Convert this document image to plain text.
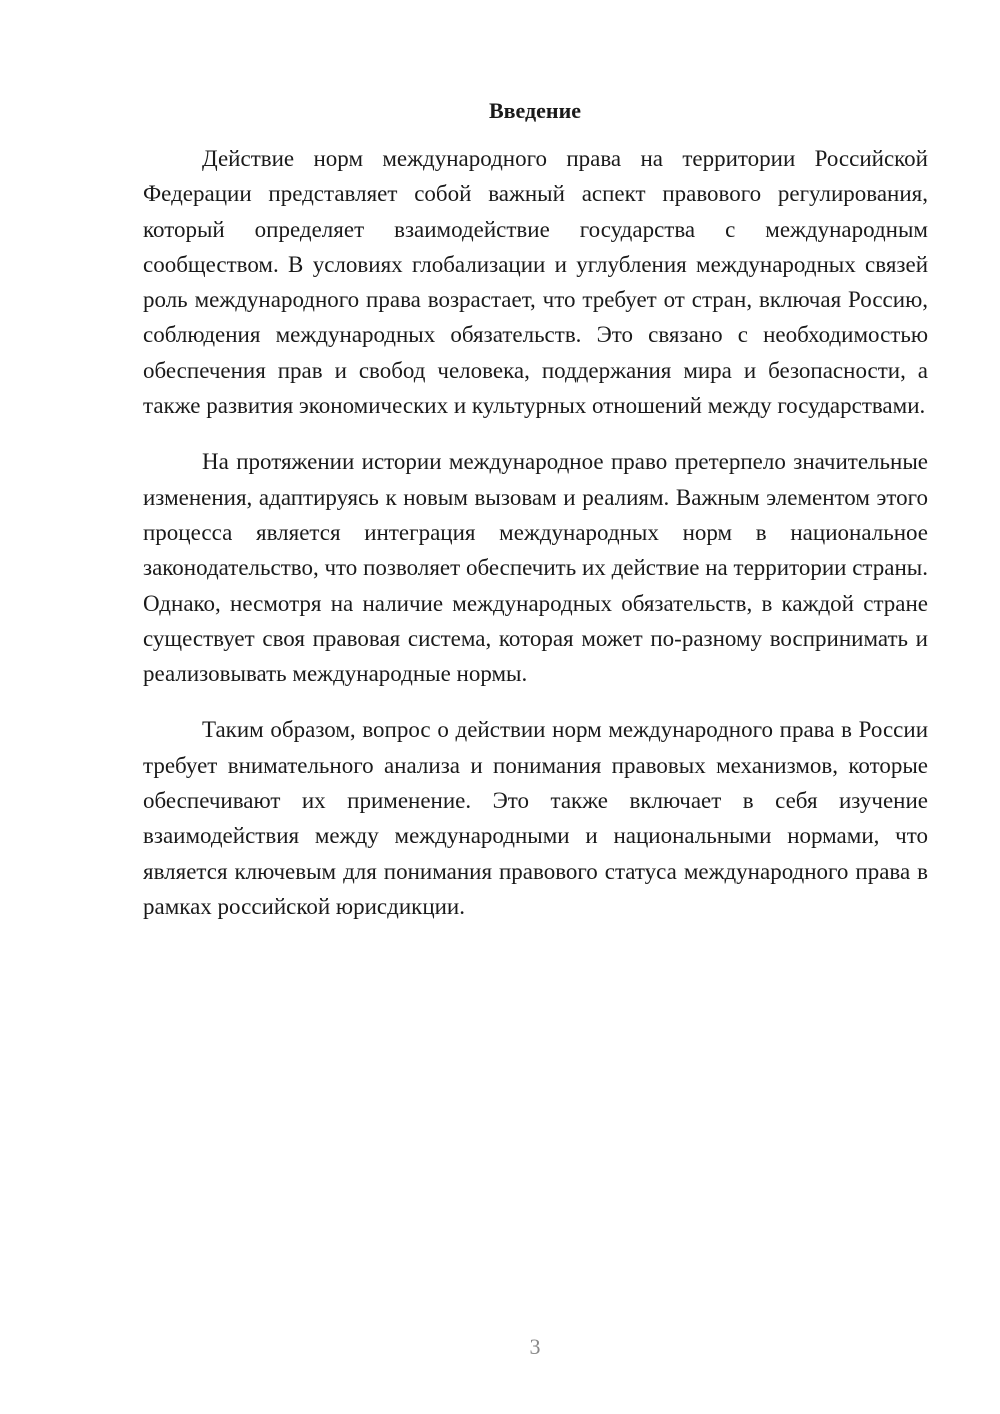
Введение

Действие норм международного права на территории Российской Федерации представляет собой важный аспект правового регулирования, который определяет взаимодействие государства с международным сообществом. В условиях глобализации и углубления международных связей роль международного права возрастает, что требует от стран, включая Россию, соблюдения международных обязательств. Это связано с необходимостью обеспечения прав и свобод человека, поддержания мира и безопасности, а также развития экономических и культурных отношений между государствами.

На протяжении истории международное право претерпело значительные изменения, адаптируясь к новым вызовам и реалиям. Важным элементом этого процесса является интеграция международных норм в национальное законодательство, что позволяет обеспечить их действие на территории страны. Однако, несмотря на наличие международных обязательств, в каждой стране существует своя правовая система, которая может по-разному воспринимать и реализовывать международные нормы.

Таким образом, вопрос о действии норм международного права в России требует внимательного анализа и понимания правовых механизмов, которые обеспечивают их применение. Это также включает в себя изучение взаимодействия между международными и национальными нормами, что является ключевым для понимания правового статуса международного права в рамках российской юрисдикции.

3
